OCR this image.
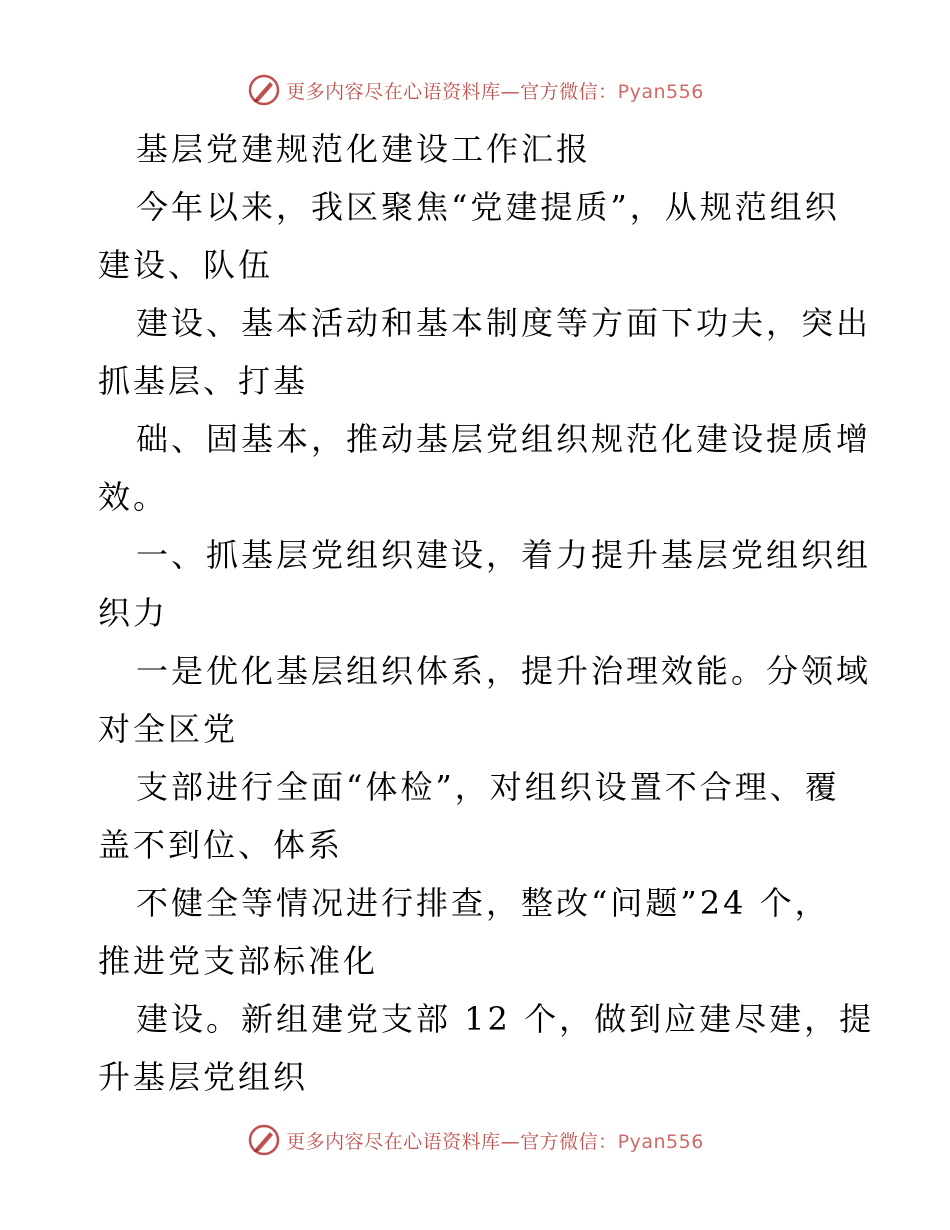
更多内容尽在心语资料库—官方微信：Pyan556
基层党建规范化建设工作汇报
今年以来，我区聚焦“党建提质”，从规范组织
建设、队伍
建设、基本活动和基本制度等方面下功夫，突出
抓基层、打基
础、固基本，推动基层党组织规范化建设提质增
效。
一、抓基层党组织建设，着力提升基层党组织组
织力
一是优化基层组织体系，提升治理效能。分领域
对全区党
支部进行全面“体检”，对组织设置不合理、覆
盖不到位、体系
不健全等情况进行排查，整改“问题”24 个，
推进党支部标准化
建设。新组建党支部 12 个，做到应建尽建，提
升基层党组织
更多内容尽在心语资料库—官方微信：Pyan556
